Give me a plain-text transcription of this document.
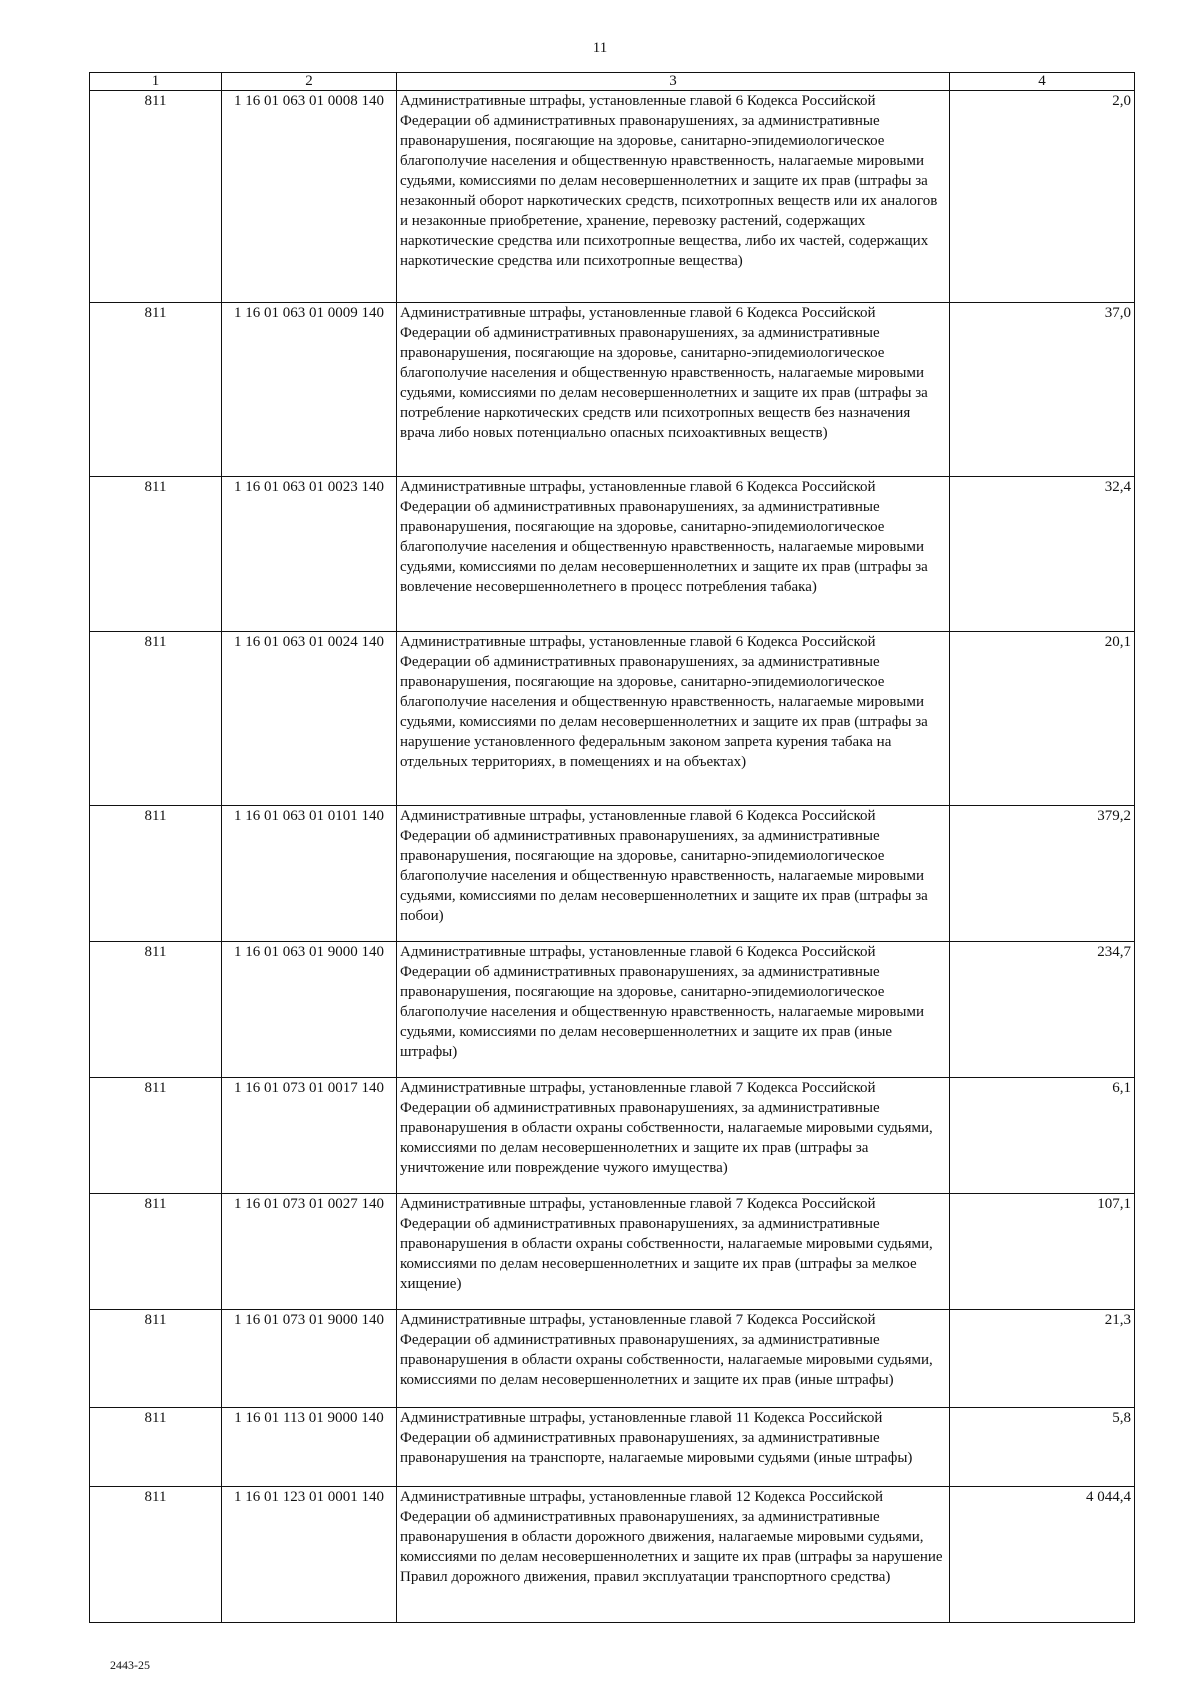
11
1	2	3	4
811	1 16 01 063 01 0008 140	Административные штрафы, установленные главой 6 Кодекса Российской Федерации об административных правонарушениях, за административные правонарушения, посягающие на здоровье, санитарно-эпидемиологическое благополучие населения и общественную нравственность, налагаемые мировыми судьями, комиссиями по делам несовершеннолетних и защите их прав (штрафы за незаконный оборот наркотических средств, психотропных веществ или их аналогов и незаконные приобретение, хранение, перевозку растений, содержащих наркотические средства или психотропные вещества, либо их частей, содержащих наркотические средства или психотропные вещества)	2,0
811	1 16 01 063 01 0009 140	Административные штрафы, установленные главой 6 Кодекса Российской Федерации об административных правонарушениях, за административные правонарушения, посягающие на здоровье, санитарно-эпидемиологическое благополучие населения и общественную нравственность, налагаемые мировыми судьями, комиссиями по делам несовершеннолетних и защите их прав (штрафы за потребление наркотических средств или психотропных веществ без назначения врача либо новых потенциально опасных психоактивных веществ)	37,0
811	1 16 01 063 01 0023 140	Административные штрафы, установленные главой 6 Кодекса Российской Федерации об административных правонарушениях, за административные правонарушения, посягающие на здоровье, санитарно-эпидемиологическое благополучие населения и общественную нравственность, налагаемые мировыми судьями, комиссиями по делам несовершеннолетних и защите их прав (штрафы за вовлечение несовершеннолетнего в процесс потребления табака)	32,4
811	1 16 01 063 01 0024 140	Административные штрафы, установленные главой 6 Кодекса Российской Федерации об административных правонарушениях, за административные правонарушения, посягающие на здоровье, санитарно-эпидемиологическое благополучие населения и общественную нравственность, налагаемые мировыми судьями, комиссиями по делам несовершеннолетних и защите их прав (штрафы за нарушение установленного федеральным законом запрета курения табака на отдельных территориях, в помещениях и на объектах)	20,1
811	1 16 01 063 01 0101 140	Административные штрафы, установленные главой 6 Кодекса Российской Федерации об административных правонарушениях, за административные правонарушения, посягающие на здоровье, санитарно-эпидемиологическое благополучие населения и общественную нравственность, налагаемые мировыми судьями, комиссиями по делам несовершеннолетних и защите их прав (штрафы за побои)	379,2
811	1 16 01 063 01 9000 140	Административные штрафы, установленные главой 6 Кодекса Российской Федерации об административных правонарушениях, за административные правонарушения, посягающие на здоровье, санитарно-эпидемиологическое благополучие населения и общественную нравственность, налагаемые мировыми судьями, комиссиями по делам несовершеннолетних и защите их прав (иные штрафы)	234,7
811	1 16 01 073 01 0017 140	Административные штрафы, установленные главой 7 Кодекса Российской Федерации об административных правонарушениях, за административные правонарушения в области охраны собственности, налагаемые мировыми судьями, комиссиями по делам несовершеннолетних и защите их прав (штрафы за уничтожение или повреждение чужого имущества)	6,1
811	1 16 01 073 01 0027 140	Административные штрафы, установленные главой 7 Кодекса Российской Федерации об административных правонарушениях, за административные правонарушения в области охраны собственности, налагаемые мировыми судьями, комиссиями по делам несовершеннолетних и защите их прав (штрафы за мелкое хищение)	107,1
811	1 16 01 073 01 9000 140	Административные штрафы, установленные главой 7 Кодекса Российской Федерации об административных правонарушениях, за административные правонарушения в области охраны собственности, налагаемые мировыми судьями, комиссиями по делам несовершеннолетних и защите их прав (иные штрафы)	21,3
811	1 16 01 113 01 9000 140	Административные штрафы, установленные главой 11 Кодекса Российской Федерации об административных правонарушениях, за административные правонарушения на транспорте, налагаемые мировыми судьями (иные штрафы)	5,8
811	1 16 01 123 01 0001 140	Административные штрафы, установленные главой 12 Кодекса Российской Федерации об административных правонарушениях, за административные правонарушения в области дорожного движения, налагаемые мировыми судьями, комиссиями по делам несовершеннолетних и защите их прав (штрафы за нарушение Правил дорожного движения, правил эксплуатации транспортного средства)	4 044,4
2443-25
